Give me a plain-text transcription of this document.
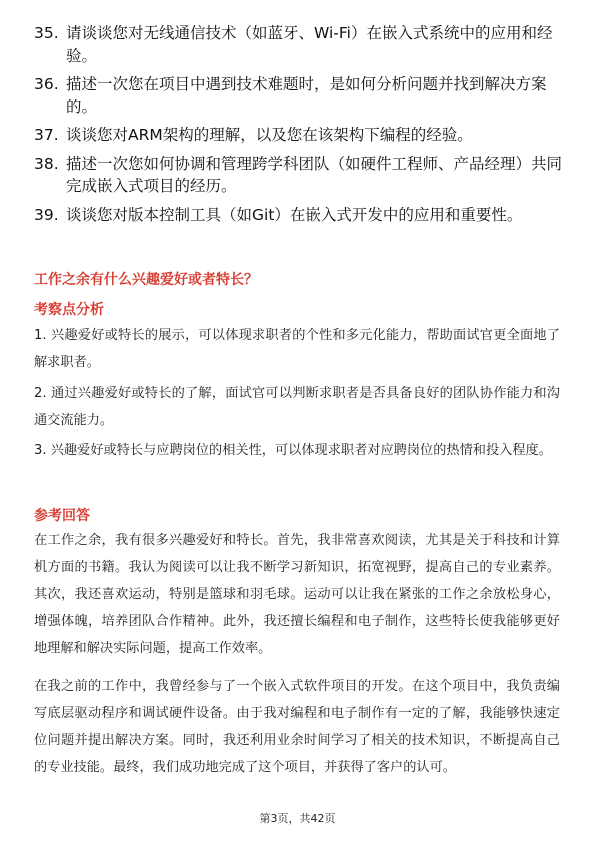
35. 请谈谈您对无线通信技术（如蓝牙、Wi-Fi）在嵌入式系统中的应用和经验。
36. 描述一次您在项目中遇到技术难题时，是如何分析问题并找到解决方案的。
37. 谈谈您对ARM架构的理解，以及您在该架构下编程的经验。
38. 描述一次您如何协调和管理跨学科团队（如硬件工程师、产品经理）共同完成嵌入式项目的经历。
39. 谈谈您对版本控制工具（如Git）在嵌入式开发中的应用和重要性。
工作之余有什么兴趣爱好或者特长？
考察点分析
1. 兴趣爱好或特长的展示，可以体现求职者的个性和多元化能力，帮助面试官更全面地了解求职者。
2. 通过兴趣爱好或特长的了解，面试官可以判断求职者是否具备良好的团队协作能力和沟通交流能力。
3. 兴趣爱好或特长与应聘岗位的相关性，可以体现求职者对应聘岗位的热情和投入程度。
参考回答
在工作之余，我有很多兴趣爱好和特长。首先，我非常喜欢阅读，尤其是关于科技和计算机方面的书籍。我认为阅读可以让我不断学习新知识，拓宽视野，提高自己的专业素养。其次，我还喜欢运动，特别是篮球和羽毛球。运动可以让我在紧张的工作之余放松身心，增强体魄，培养团队合作精神。此外，我还擅长编程和电子制作，这些特长使我能够更好地理解和解决实际问题，提高工作效率。
在我之前的工作中，我曾经参与了一个嵌入式软件项目的开发。在这个项目中，我负责编写底层驱动程序和调试硬件设备。由于我对编程和电子制作有一定的了解，我能够快速定位问题并提出解决方案。同时，我还利用业余时间学习了相关的技术知识，不断提高自己的专业技能。最终，我们成功地完成了这个项目，并获得了客户的认可。
第3页，共42页
